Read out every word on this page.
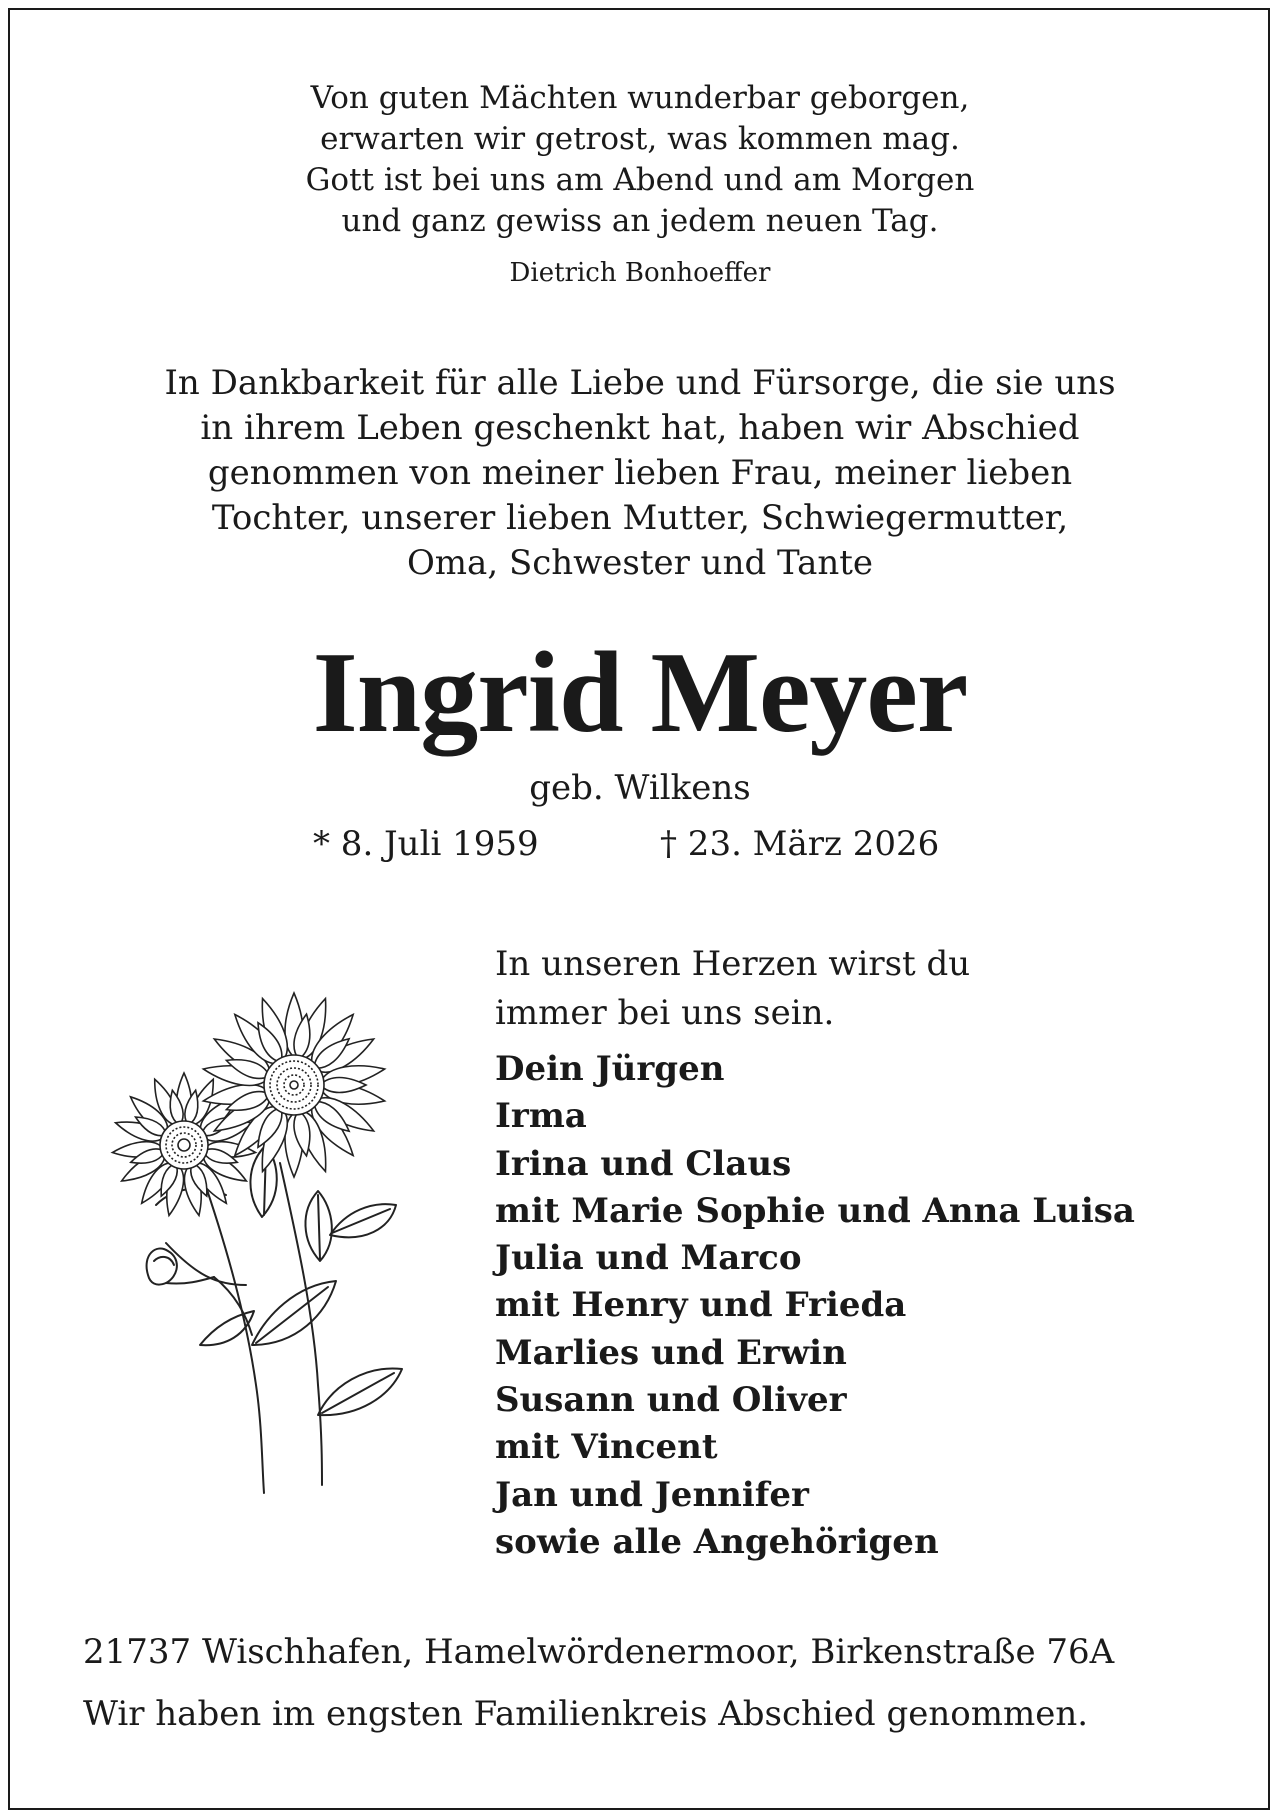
Von guten Mächten wunderbar geborgen,
erwarten wir getrost, was kommen mag.
Gott ist bei uns am Abend und am Morgen
und ganz gewiss an jedem neuen Tag.
Dietrich Bonhoeffer
In Dankbarkeit für alle Liebe und Fürsorge, die sie uns
in ihrem Leben geschenkt hat, haben wir Abschied
genommen von meiner lieben Frau, meiner lieben
Tochter, unserer lieben Mutter, Schwiegermutter,
Oma, Schwester und Tante
Ingrid Meyer
geb. Wilkens
* 8. Juli 1959	† 23. März 2026
In unseren Herzen wirst du
immer bei uns sein.
Dein Jürgen
Irma
Irina und Claus
mit Marie Sophie und Anna Luisa
Julia und Marco
mit Henry und Frieda
Marlies und Erwin
Susann und Oliver
mit Vincent
Jan und Jennifer
sowie alle Angehörigen
21737 Wischhafen, Hamelwördenermoor, Birkenstraße 76A
Wir haben im engsten Familienkreis Abschied genommen.
